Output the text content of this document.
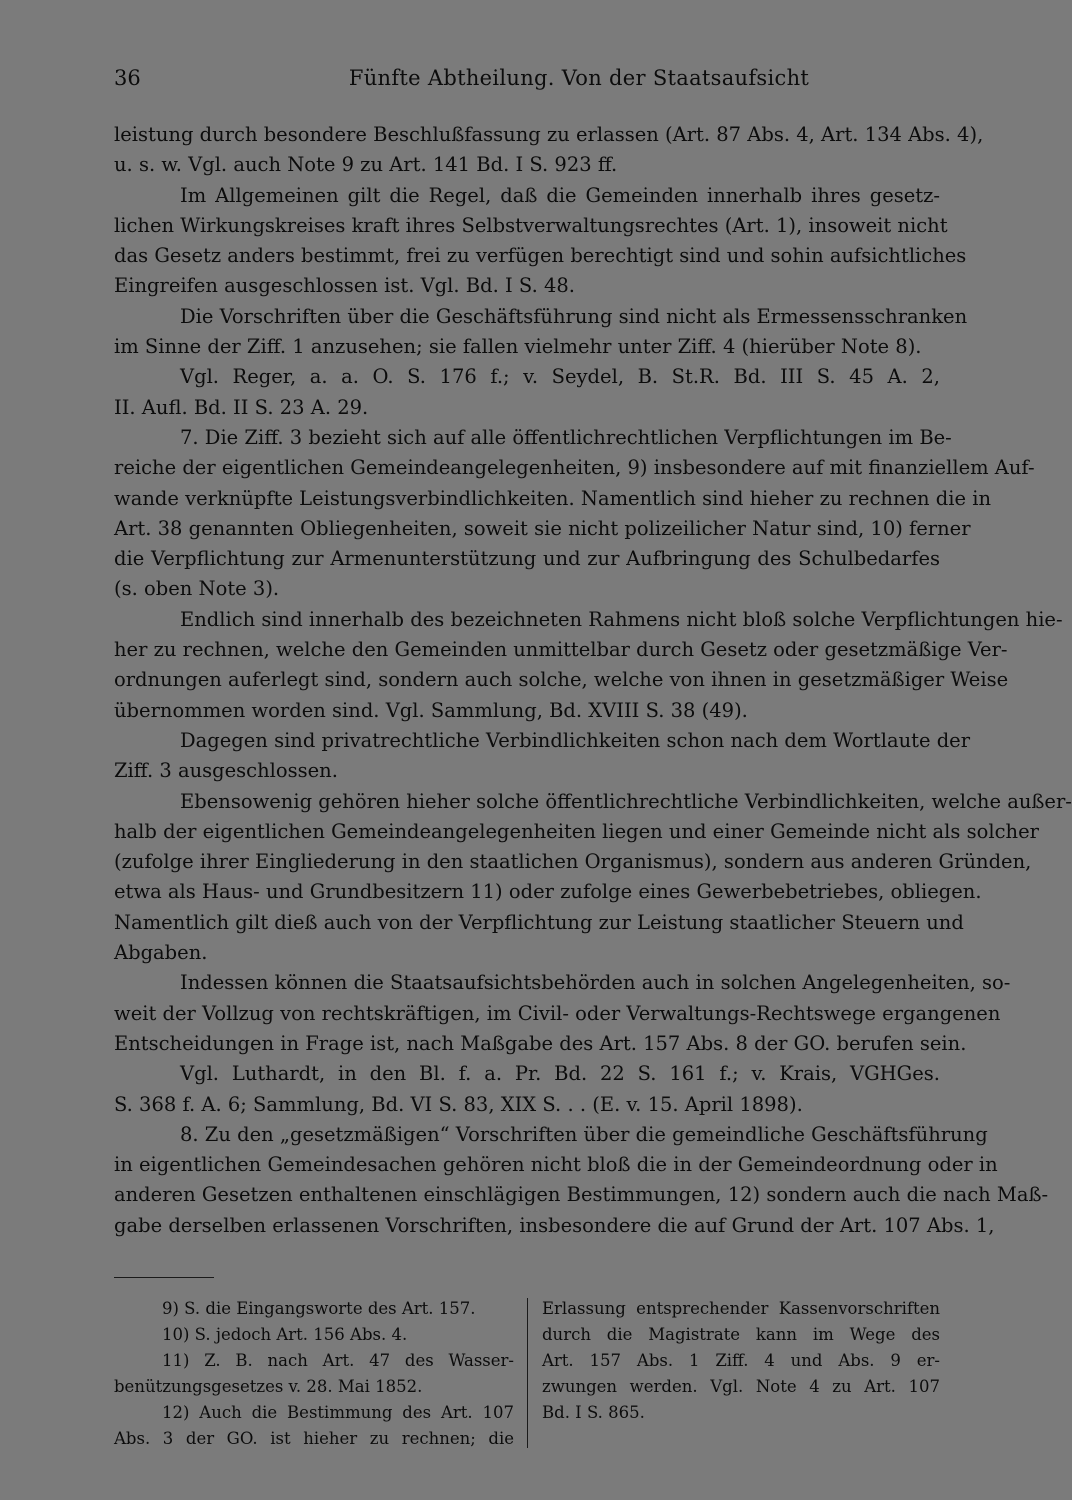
36	Fünfte Abtheilung. Von der Staatsaufsicht
leistung durch besondere Beschlußfassung zu erlassen (Art. 87 Abs. 4, Art. 134 Abs. 4),
u. s. w. Vgl. auch Note 9 zu Art. 141 Bd. I S. 923 ff.
Im Allgemeinen gilt die Regel, daß die Gemeinden innerhalb ihres gesetz-
lichen Wirkungskreises kraft ihres Selbstverwaltungsrechtes (Art. 1), insoweit nicht
das Gesetz anders bestimmt, frei zu verfügen berechtigt sind und sohin aufsichtliches
Eingreifen ausgeschlossen ist. Vgl. Bd. I S. 48.
Die Vorschriften über die Geschäftsführung sind nicht als Ermessensschranken
im Sinne der Ziff. 1 anzusehen; sie fallen vielmehr unter Ziff. 4 (hierüber Note 8).
Vgl. Reger, a. a. O. S. 176 f.; v. Seydel, B. St.R. Bd. III S. 45 A. 2,
II. Aufl. Bd. II S. 23 A. 29.
7. Die Ziff. 3 bezieht sich auf alle öffentlichrechtlichen Verpflichtungen im Be-
reiche der eigentlichen Gemeindeangelegenheiten, 9) insbesondere auf mit finanziellem Auf-
wande verknüpfte Leistungsverbindlichkeiten. Namentlich sind hieher zu rechnen die in
Art. 38 genannten Obliegenheiten, soweit sie nicht polizeilicher Natur sind, 10) ferner
die Verpflichtung zur Armenunterstützung und zur Aufbringung des Schulbedarfes
(s. oben Note 3).
Endlich sind innerhalb des bezeichneten Rahmens nicht bloß solche Verpflichtungen hie-
her zu rechnen, welche den Gemeinden unmittelbar durch Gesetz oder gesetzmäßige Ver-
ordnungen auferlegt sind, sondern auch solche, welche von ihnen in gesetzmäßiger Weise
übernommen worden sind. Vgl. Sammlung, Bd. XVIII S. 38 (49).
Dagegen sind privatrechtliche Verbindlichkeiten schon nach dem Wortlaute der
Ziff. 3 ausgeschlossen.
Ebensowenig gehören hieher solche öffentlichrechtliche Verbindlichkeiten, welche außer-
halb der eigentlichen Gemeindeangelegenheiten liegen und einer Gemeinde nicht als solcher
(zufolge ihrer Eingliederung in den staatlichen Organismus), sondern aus anderen Gründen,
etwa als Haus- und Grundbesitzern 11) oder zufolge eines Gewerbebetriebes, obliegen.
Namentlich gilt dieß auch von der Verpflichtung zur Leistung staatlicher Steuern und
Abgaben.
Indessen können die Staatsaufsichtsbehörden auch in solchen Angelegenheiten, so-
weit der Vollzug von rechtskräftigen, im Civil- oder Verwaltungs-Rechtswege ergangenen
Entscheidungen in Frage ist, nach Maßgabe des Art. 157 Abs. 8 der GO. berufen sein.
Vgl. Luthardt, in den Bl. f. a. Pr. Bd. 22 S. 161 f.; v. Krais, VGHGes.
S. 368 f. A. 6; Sammlung, Bd. VI S. 83, XIX S. . . (E. v. 15. April 1898).
8. Zu den „gesetzmäßigen“ Vorschriften über die gemeindliche Geschäftsführung
in eigentlichen Gemeindesachen gehören nicht bloß die in der Gemeindeordnung oder in
anderen Gesetzen enthaltenen einschlägigen Bestimmungen, 12) sondern auch die nach Maß-
gabe derselben erlassenen Vorschriften, insbesondere die auf Grund der Art. 107 Abs. 1,
9) S. die Eingangsworte des Art. 157.
10) S. jedoch Art. 156 Abs. 4.
11) Z. B. nach Art. 47 des Wasser-
benützungsgesetzes v. 28. Mai 1852.
12) Auch die Bestimmung des Art. 107
Abs. 3 der GO. ist hieher zu rechnen; die
Erlassung entsprechender Kassenvorschriften
durch die Magistrate kann im Wege des
Art. 157 Abs. 1 Ziff. 4 und Abs. 9 er-
zwungen werden. Vgl. Note 4 zu Art. 107
Bd. I S. 865.
